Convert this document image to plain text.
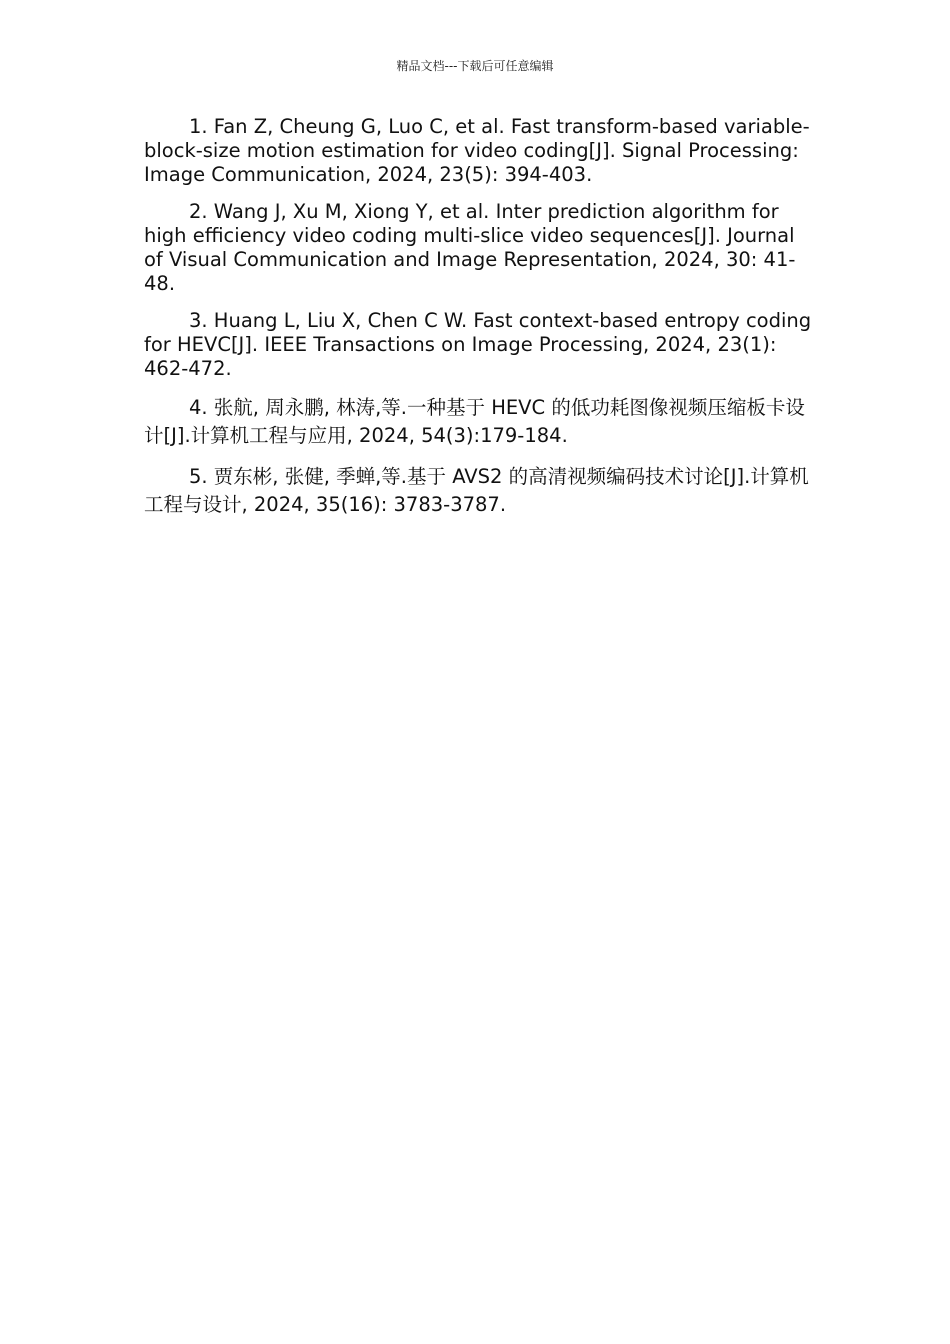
精品文档---下载后可任意编辑

1. Fan Z, Cheung G, Luo C, et al. Fast transform-based variable-block-size motion estimation for video coding[J]. Signal Processing: Image Communication, 2024, 23(5): 394-403.

2. Wang J, Xu M, Xiong Y, et al. Inter prediction algorithm for high efficiency video coding multi-slice video sequences[J]. Journal of Visual Communication and Image Representation, 2024, 30: 41-48.

3. Huang L, Liu X, Chen C W. Fast context-based entropy coding for HEVC[J]. IEEE Transactions on Image Processing, 2024, 23(1): 462-472.

4. 张航, 周永鹏, 林涛,等.一种基于 HEVC 的低功耗图像视频压缩板卡设计[J].计算机工程与应用, 2024, 54(3):179-184.

5. 贾东彬, 张健, 季蝉,等.基于 AVS2 的高清视频编码技术讨论[J].计算机工程与设计, 2024, 35(16): 3783-3787.
